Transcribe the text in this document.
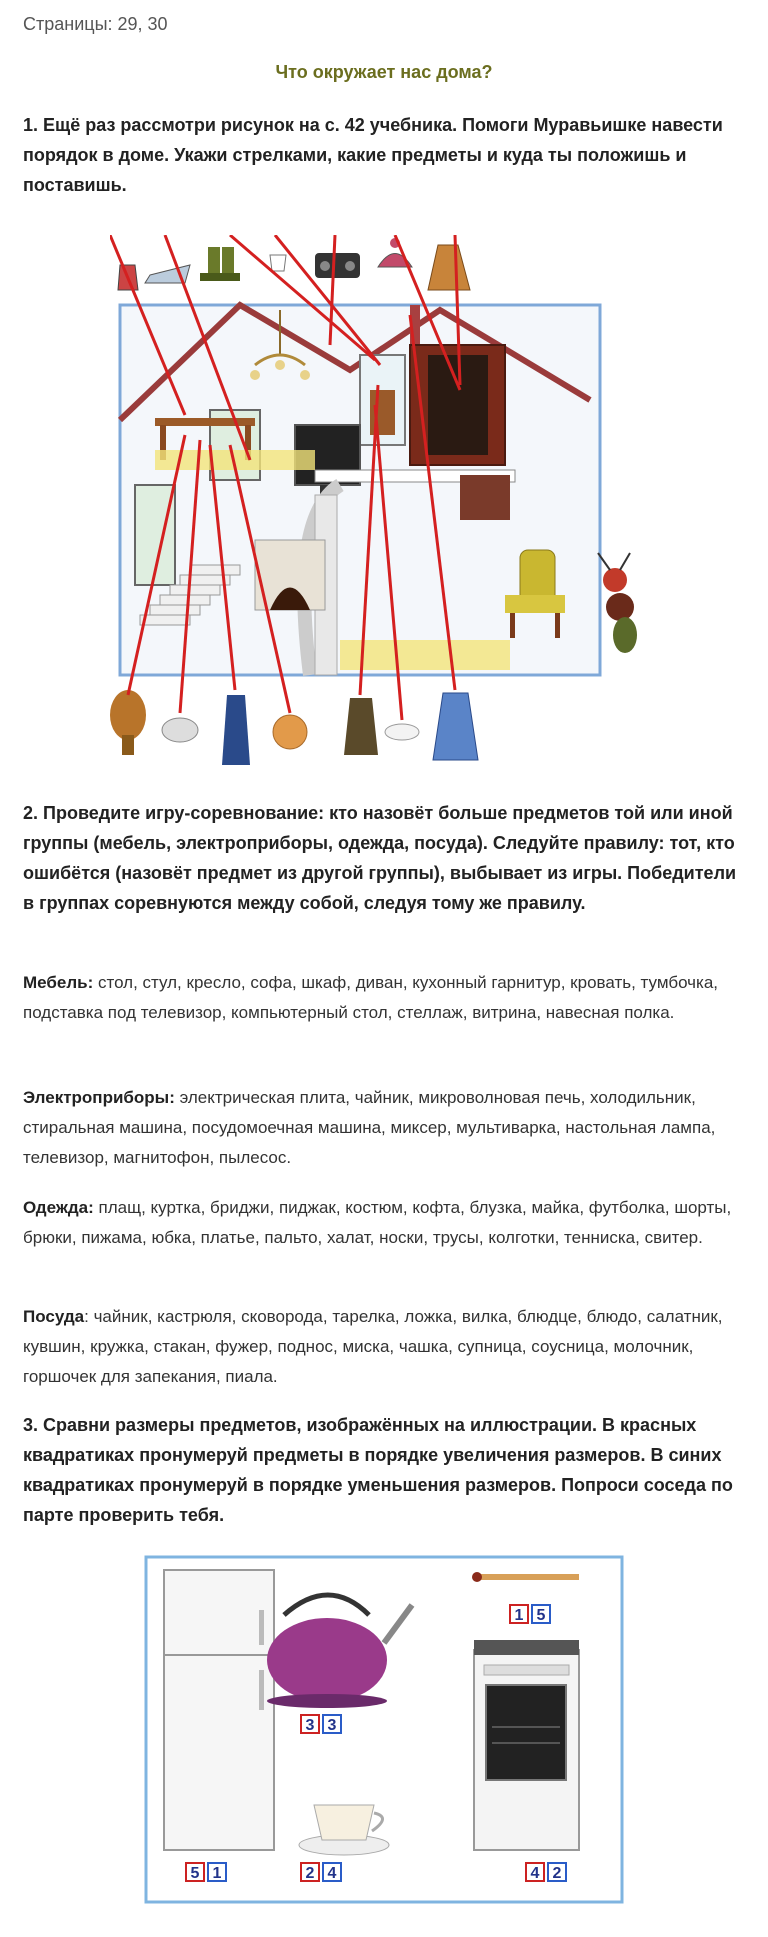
Страницы: 29, 30
Что окружает нас дома?
1. Ещё раз рассмотри рисунок на с. 42 учебника. Помоги Муравьишке навести порядок в доме. Укажи стрелками, какие предметы и куда ты положишь и поставишь.
2. Проведите игру-соревнование: кто назовёт больше предметов той или иной группы (мебель, электроприборы, одежда, посуда). Следуйте правилу: тот, кто ошибётся (назовёт предмет из другой группы), выбывает из игры. Победители в группах соревнуются между собой, следуя тому же правилу.
Мебель: стол, стул, кресло, софа, шкаф, диван, кухонный гарнитур, кровать, тумбочка, подставка под телевизор, компьютерный стол, стеллаж, витрина, навесная полка.
Электроприборы: электрическая плита, чайник, микроволновая печь, холодильник, стиральная машина, посудомоечная машина, миксер, мультиварка, настольная лампа, телевизор, магнитофон, пылесос.
Одежда: плащ, куртка, бриджи, пиджак, костюм, кофта, блузка, майка, футболка, шорты, брюки, пижама, юбка, платье, пальто, халат, носки, трусы, колготки, тенниска, свитер.
Посуда: чайник, кастрюля, сковорода, тарелка, ложка, вилка, блюдце, блюдо, салатник, кувшин, кружка, стакан, фужер, поднос, миска, чашка, супница, соусница, молочник, горшочек для запекания, пиала.
3. Сравни размеры предметов, изображённых на иллюстрации. В красных квадратиках пронумеруй предметы в порядке увеличения размеров. В синих квадратиках пронумеруй в порядке уменьшения размеров. Попроси соседа по парте проверить тебя.
1 5
3 3
5 1	2 4	4 2
